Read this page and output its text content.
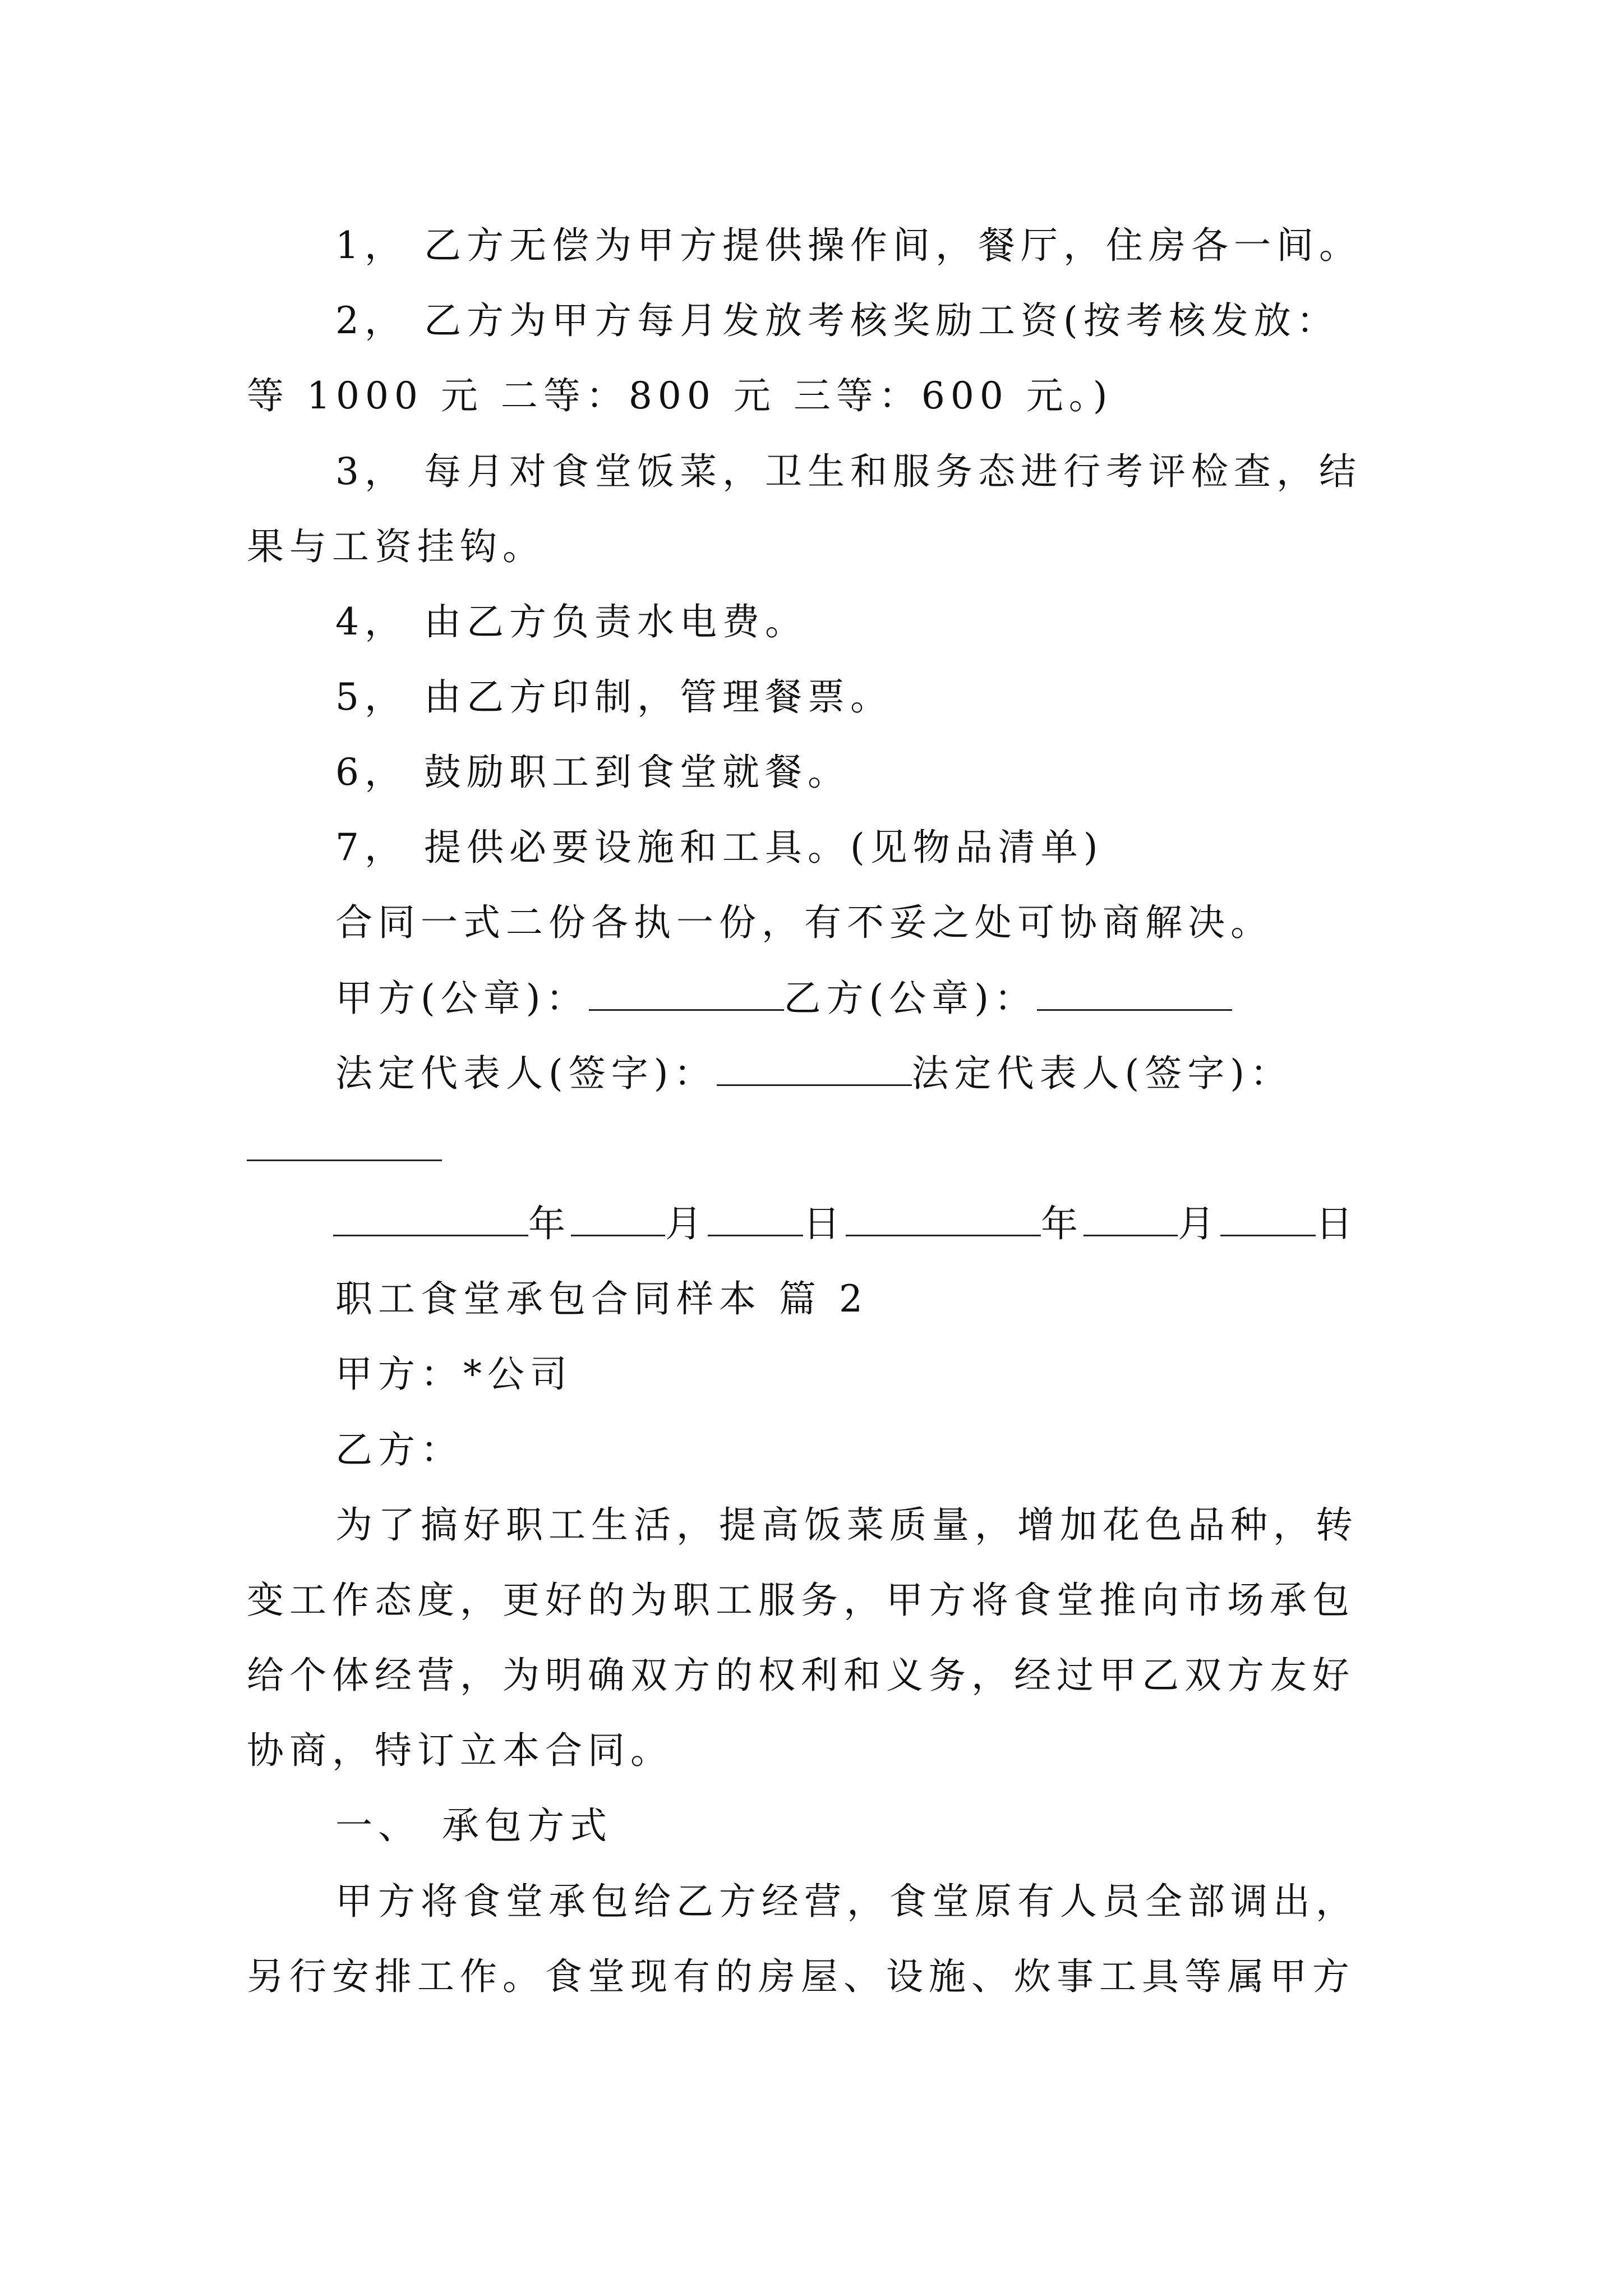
1， 乙方无偿为甲方提供操作间，餐厅，住房各一间。
2， 乙方为甲方每月发放考核奖励工资(按考核发放：
等 1000 元 二等：800 元 三等：600 元。)
3， 每月对食堂饭菜，卫生和服务态进行考评检查，结
果与工资挂钩。
4， 由乙方负责水电费。
5， 由乙方印制，管理餐票。
6， 鼓励职工到食堂就餐。
7， 提供必要设施和工具。(见物品清单)
合同一式二份各执一份，有不妥之处可协商解决。
甲方(公章)：	乙方(公章)：
法定代表人(签字)：	法定代表人(签字)：
年	月	日	年	月	日
职工食堂承包合同样本 篇 2
甲方：*公司
乙方：
为了搞好职工生活，提高饭菜质量，增加花色品种，转
变工作态度，更好的为职工服务，甲方将食堂推向市场承包
给个体经营，为明确双方的权利和义务，经过甲乙双方友好
协商，特订立本合同。
一、 承包方式
甲方将食堂承包给乙方经营，食堂原有人员全部调出，
另行安排工作。食堂现有的房屋、设施、炊事工具等属甲方
